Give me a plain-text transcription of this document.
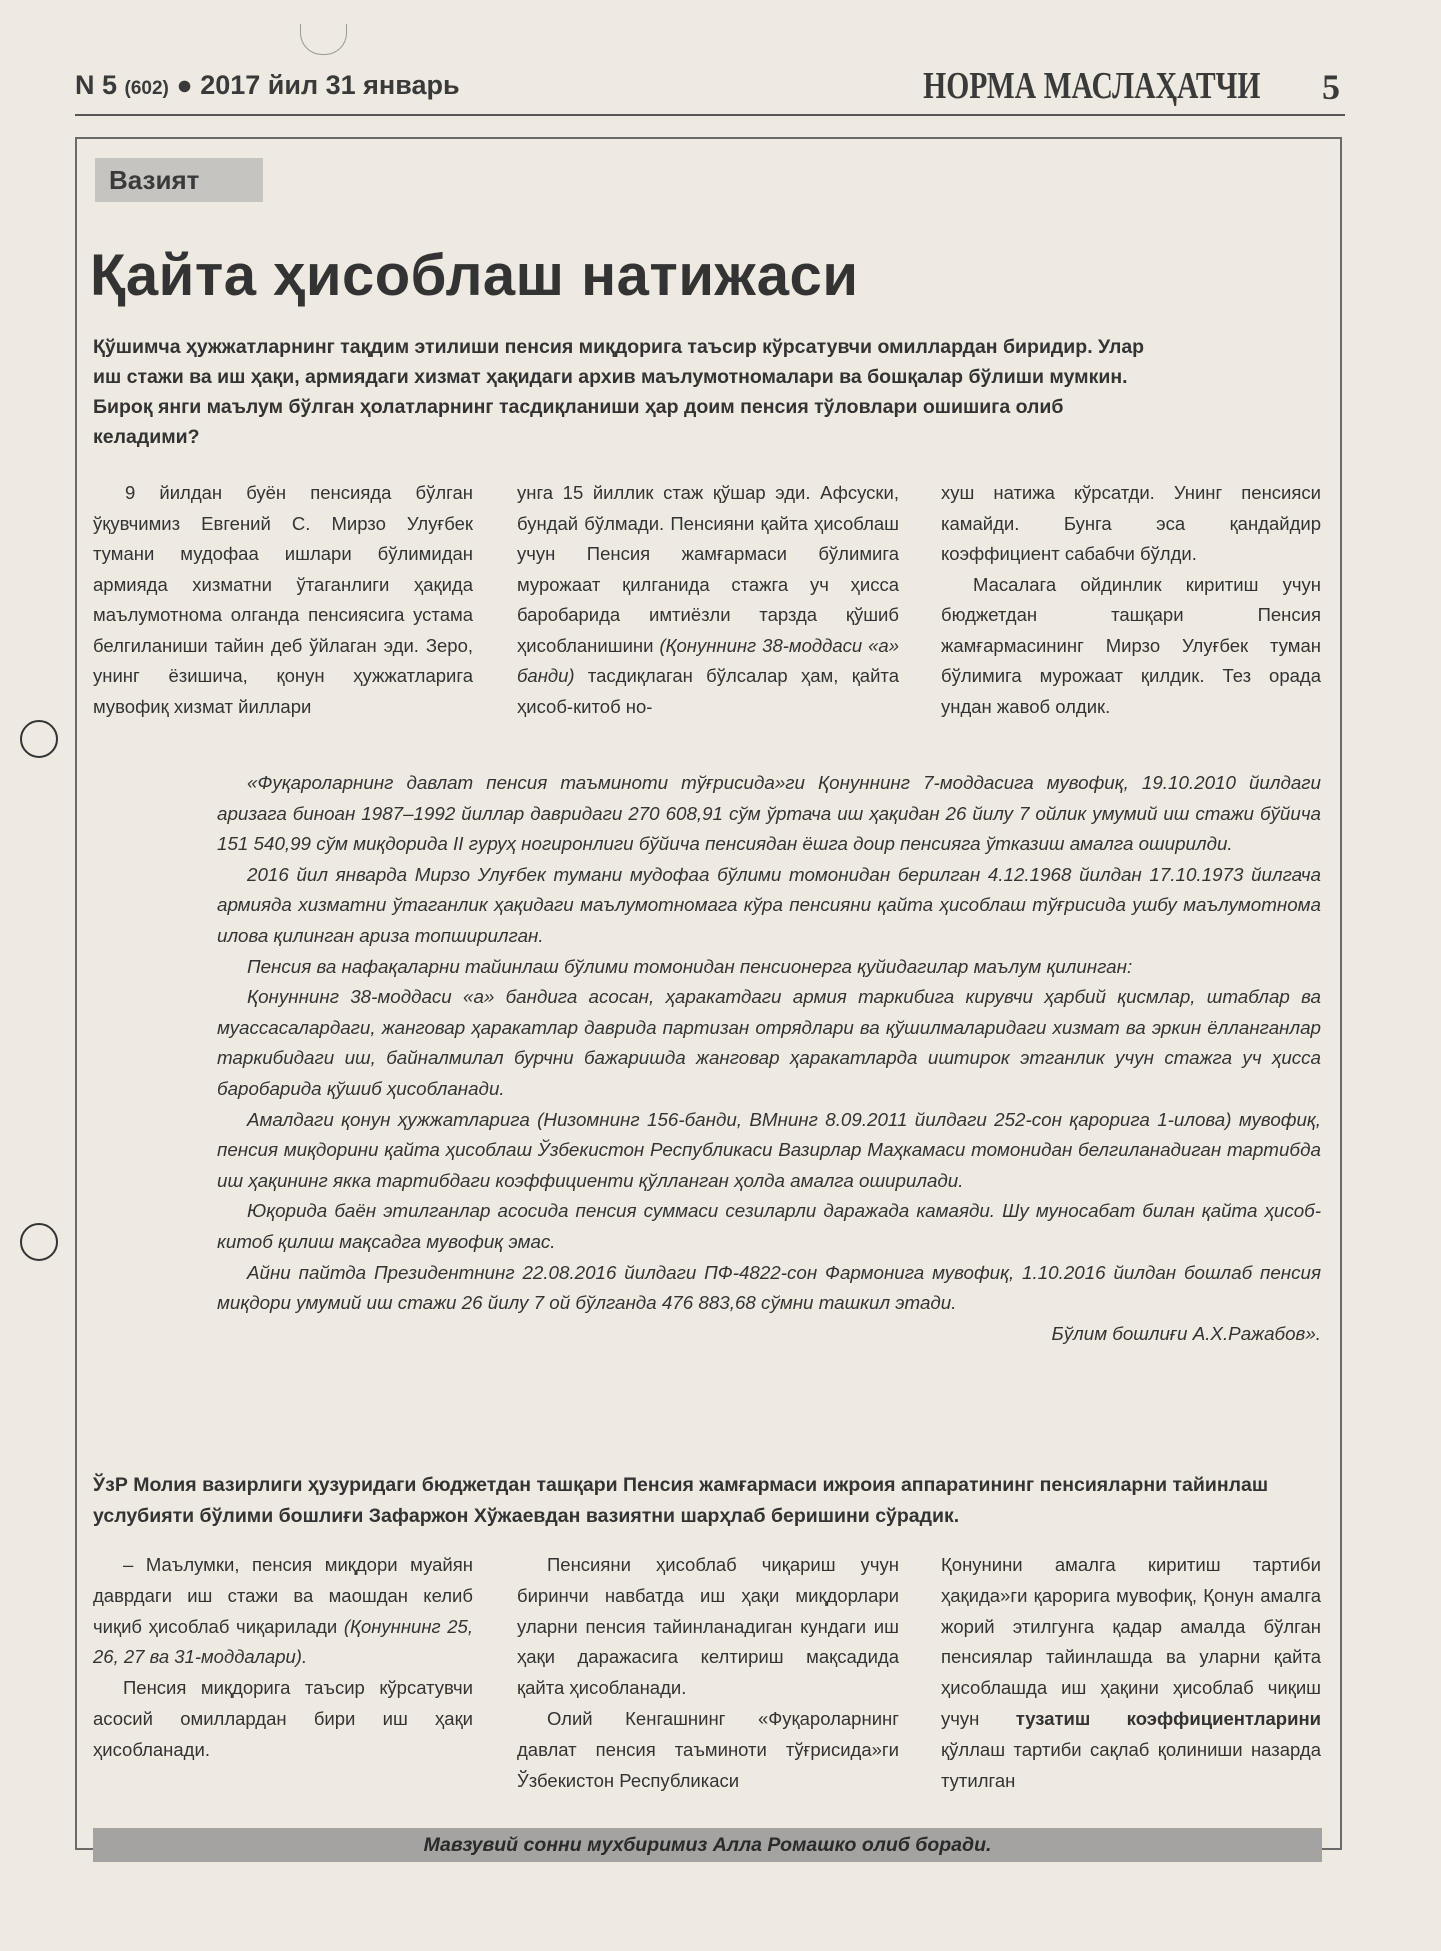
N 5 (602) ● 2017 йил 31 январь	НОРМА МАСЛАҲАТЧИ 5
Вазият
Қайта ҳисоблаш натижаси
Қўшимча ҳужжатларнинг тақдим этилиши пенсия миқдорига таъсир кўрсатувчи омиллардан биридир. Улар иш стажи ва иш ҳақи, армиядаги хизмат ҳақидаги архив маълумотномалари ва бошқалар бўлиши мумкин. Бироқ янги маълум бўлган ҳолатларнинг тасдиқланиши ҳар доим пенсия тўловлари ошишига олиб келадими?

9 йилдан буён пенсияда бўлган ўқувчимиз Евгений С. Мирзо Улуғбек тумани мудофаа ишлари бўлимидан армияда хизматни ўтаганлиги ҳақида маълумотнома олганда пенсиясига устама белгиланиши тайин деб ўйлаган эди. Зеро, унинг ёзишича, қонун ҳужжатларига мувофиқ хизмат йиллари

унга 15 йиллик стаж қўшар эди. Афсуски, бундай бўлмади. Пенсияни қайта ҳисоблаш учун Пенсия жамғармаси бўлимига мурожаат қилганида стажга уч ҳисса баробарида имтиёзли тарзда қўшиб ҳисобланишини (Қонуннинг 38-моддаси «а» банди) тасдиқлаган бўлсалар ҳам, қайта ҳисоб-китоб но-

хуш натижа кўрсатди. Унинг пенсияси камайди. Бунга эса қандайдир коэффициент сабабчи бўлди.

Масалага ойдинлик киритиш учун бюджетдан ташқари Пенсия жамғармасининг Мирзо Улуғбек туман бўлимига мурожаат қилдик. Тез орада ундан жавоб олдик.

«Фуқароларнинг давлат пенсия таъминоти тўғрисида»ги Қонуннинг 7-моддасига мувофиқ, 19.10.2010 йилдаги аризага биноан 1987–1992 йиллар давридаги 270 608,91 сўм ўртача иш ҳақидан 26 йилу 7 ойлик умумий иш стажи бўйича 151 540,99 сўм миқдорида II гуруҳ ногиронлиги бўйича пенсиядан ёшга доир пенсияга ўтказиш амалга оширилди.

2016 йил январда Мирзо Улуғбек тумани мудофаа бўлими томонидан берилган 4.12.1968 йилдан 17.10.1973 йилгача армияда хизматни ўтаганлик ҳақидаги маълумотномага кўра пенсияни қайта ҳисоблаш тўғрисида ушбу маълумотнома илова қилинган ариза топширилган.

Пенсия ва нафақаларни тайинлаш бўлими томонидан пенсионерга қуйидагилар маълум қилинган:

Қонуннинг 38-моддаси «а» бандига асосан, ҳаракатдаги армия таркибига кирувчи ҳарбий қисмлар, штаблар ва муассасалардаги, жанговар ҳаракатлар даврида партизан отрядлари ва қўшилмаларидаги хизмат ва эркин ёлланганлар таркибидаги иш, байналмилал бурчни бажаришда жанговар ҳаракатларда иштирок этганлик учун стажга уч ҳисса баробарида қўшиб ҳисобланади.

Амалдаги қонун ҳужжатларига (Низомнинг 156-банди, ВМнинг 8.09.2011 йилдаги 252-сон қарорига 1-илова) мувофиқ, пенсия миқдорини қайта ҳисоблаш Ўзбекистон Республикаси Вазирлар Маҳкамаси томонидан белгиланадиган тартибда иш ҳақининг якка тартибдаги коэффициенти қўлланган ҳолда амалга оширилади.

Юқорида баён этилганлар асосида пенсия суммаси сезиларли даражада камаяди. Шу муносабат билан қайта ҳисоб-китоб қилиш мақсадга мувофиқ эмас.

Айни пайтда Президентнинг 22.08.2016 йилдаги ПФ-4822-сон Фармонига мувофиқ, 1.10.2016 йилдан бошлаб пенсия миқдори умумий иш стажи 26 йилу 7 ой бўлганда 476 883,68 сўмни ташкил этади.

Бўлим бошлиғи А.Х.Ражабов».

ЎзР Молия вазирлиги ҳузуридаги бюджетдан ташқари Пенсия жамғармаси ижроия аппаратининг пенсияларни тайинлаш услубияти бўлими бошлиғи Зафаржон Хўжаевдан вазиятни шарҳлаб беришини сўрадик.

– Маълумки, пенсия миқдори муайян даврдаги иш стажи ва маошдан келиб чиқиб ҳисоблаб чиқарилади (Қонуннинг 25, 26, 27 ва 31-моддалари).

Пенсия миқдорига таъсир кўрсатувчи асосий омиллардан бири иш ҳақи ҳисобланади.

Пенсияни ҳисоблаб чиқариш учун биринчи навбатда иш ҳақи миқдорлари уларни пенсия тайинланадиган кундаги иш ҳақи даражасига келтириш мақсадида қайта ҳисобланади.

Олий Кенгашнинг «Фуқароларнинг давлат пенсия таъминоти тўғрисида»ги Ўзбекистон Республикаси

Қонунини амалга киритиш тартиби ҳақида»ги қарорига мувофиқ, Қонун амалга жорий этилгунга қадар амалда бўлган пенсиялар тайинлашда ва уларни қайта ҳисоблашда иш ҳақини ҳисоблаб чиқиш учун тузатиш коэффициентларини қўллаш тартиби сақлаб қолиниши назарда тутилган

Мавзувий сонни мухбиримиз Алла Ромашко олиб боради.
